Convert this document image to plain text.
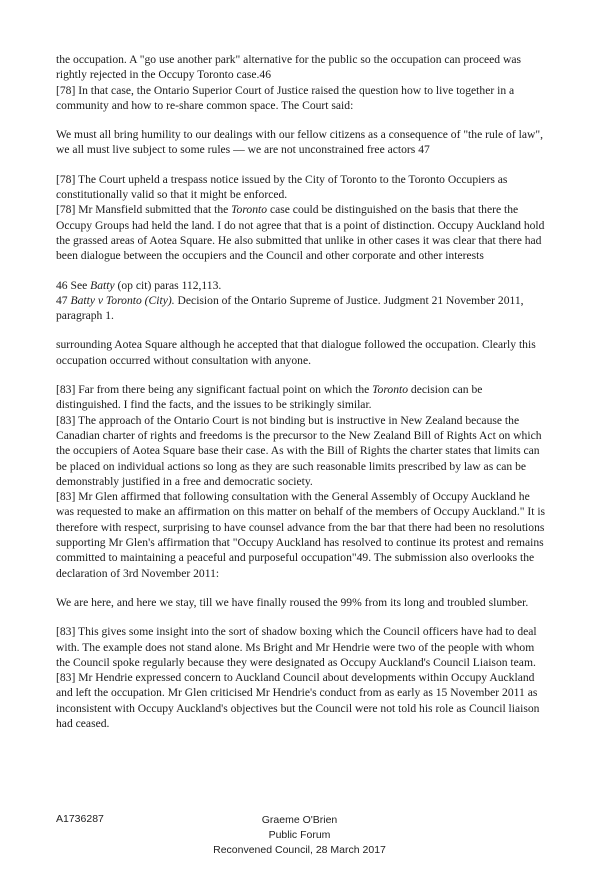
the occupation. A "go use another park" alternative for the public so the occupation can proceed was rightly rejected in the Occupy Toronto case.46

[78] In that case, the Ontario Superior Court of Justice raised the question how to live together in a community and how to re-share common space. The Court said:

We must all bring humility to our dealings with our fellow citizens as a consequence of "the rule of law", we all must live subject to some rules — we are not unconstrained free actors 47

[78] The Court upheld a trespass notice issued by the City of Toronto to the Toronto Occupiers as constitutionally valid so that it might be enforced.

[78] Mr Mansfield submitted that the Toronto case could be distinguished on the basis that there the Occupy Groups had held the land. I do not agree that that is a point of distinction. Occupy Auckland hold the grassed areas of Aotea Square. He also submitted that unlike in other cases it was clear that there had been dialogue between the occupiers and the Council and other corporate and other interests

46 See Batty (op cit) paras 112,113.

47 Batty v Toronto (City). Decision of the Ontario Supreme of Justice. Judgment 21 November 2011, paragraph 1.

surrounding Aotea Square although he accepted that that dialogue followed the occupation. Clearly this occupation occurred without consultation with anyone.

[83] Far from there being any significant factual point on which the Toronto decision can be distinguished. I find the facts, and the issues to be strikingly similar.

[83] The approach of the Ontario Court is not binding but is instructive in New Zealand because the Canadian charter of rights and freedoms is the precursor to the New Zealand Bill of Rights Act on which the occupiers of Aotea Square base their case. As with the Bill of Rights the charter states that limits can be placed on individual actions so long as they are such reasonable limits prescribed by law as can be demonstrably justified in a free and democratic society.

[83] Mr Glen affirmed that following consultation with the General Assembly of Occupy Auckland he was requested to make an affirmation on this matter on behalf of the members of Occupy Auckland." It is therefore with respect, surprising to have counsel advance from the bar that there had been no resolutions supporting Mr Glen's affirmation that "Occupy Auckland has resolved to continue its protest and remains committed to maintaining a peaceful and purposeful occupation"49. The submission also overlooks the declaration of 3rd November 2011:

We are here, and here we stay, till we have finally roused the 99% from its long and troubled slumber.

[83] This gives some insight into the sort of shadow boxing which the Council officers have had to deal with. The example does not stand alone. Ms Bright and Mr Hendrie were two of the people with whom the Council spoke regularly because they were designated as Occupy Auckland's Council Liaison team.

[83] Mr Hendrie expressed concern to Auckland Council about developments within Occupy Auckland and left the occupation. Mr Glen criticised Mr Hendrie's conduct from as early as 15 November 2011 as inconsistent with Occupy Auckland's objectives but the Council were not told his role as Council liaison had ceased.

A1736287	Graeme O'Brien
Public Forum
Reconvened Council, 28 March 2017
